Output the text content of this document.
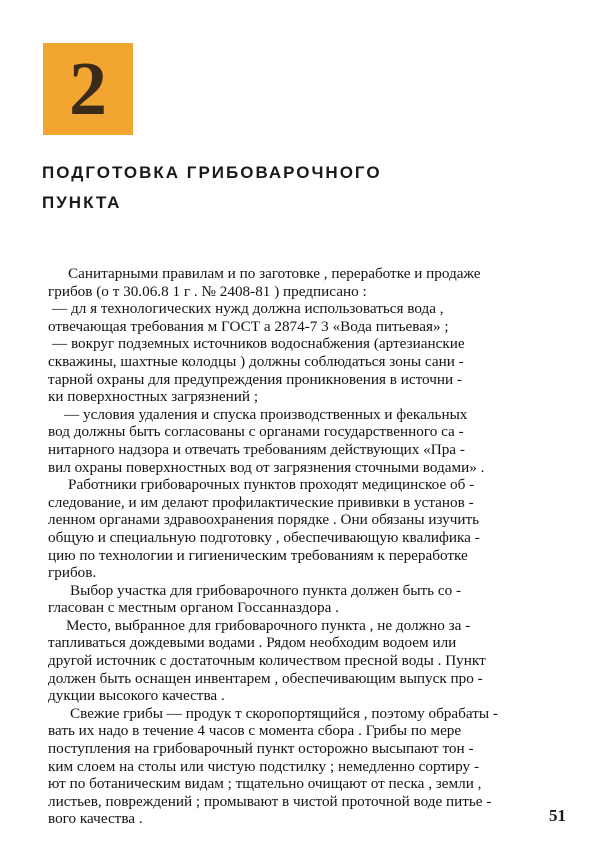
2
ПОДГОТОВКА ГРИБОВАРОЧНОГО
ПУНКТА
Санитарными правилам и по заготовке , переработке и продаже
грибов (о т 30.06.8 1 г . № 2408-81 ) предписано :
— дл я технологических нужд должна использоваться вода ,
отвечающая требования м ГОСТ а 2874-7 3 «Вода питьевая» ;
— вокруг подземных источников водоснабжения (артезианские
скважины, шахтные колодцы ) должны соблюдаться зоны сани -
тарной охраны для предупреждения проникновения в источни -
ки поверхностных загрязнений ;
— условия удаления и спуска производственных и фекальных
вод должны быть согласованы с органами государственного са -
нитарного надзора и отвечать требованиям действующих «Пра -
вил охраны поверхностных вод от загрязнения сточными водами» .
Работники грибоварочных пунктов проходят медицинское об -
следование, и им делают профилактические прививки в установ -
ленном органами здравоохранения порядке . Они обязаны изучить
общую и специальную подготовку , обеспечивающую квалифика -
цию по технологии и гигиеническим требованиям к переработке
грибов.
Выбор участка для грибоварочного пункта должен быть со -
гласован с местным органом Госсанназдора .
Место, выбранное для грибоварочного пункта , не должно за -
тапливаться дождевыми водами . Рядом необходим водоем или
другой источник с достаточным количеством пресной воды . Пункт
должен быть оснащен инвентарем , обеспечивающим выпуск про -
дукции высокого качества .
Свежие грибы — продук т скоропортящийся , поэтому обрабаты -
вать их надо в течение 4 часов с момента сбора . Грибы по мере
поступления на грибоварочный пункт осторожно высыпают тон -
ким слоем на столы или чистую подстилку ; немедленно сортиру -
ют по ботаническим видам ; тщательно очищают от песка , земли ,
листьев, повреждений ; промывают в чистой проточной воде питье -
вого качества .	51
